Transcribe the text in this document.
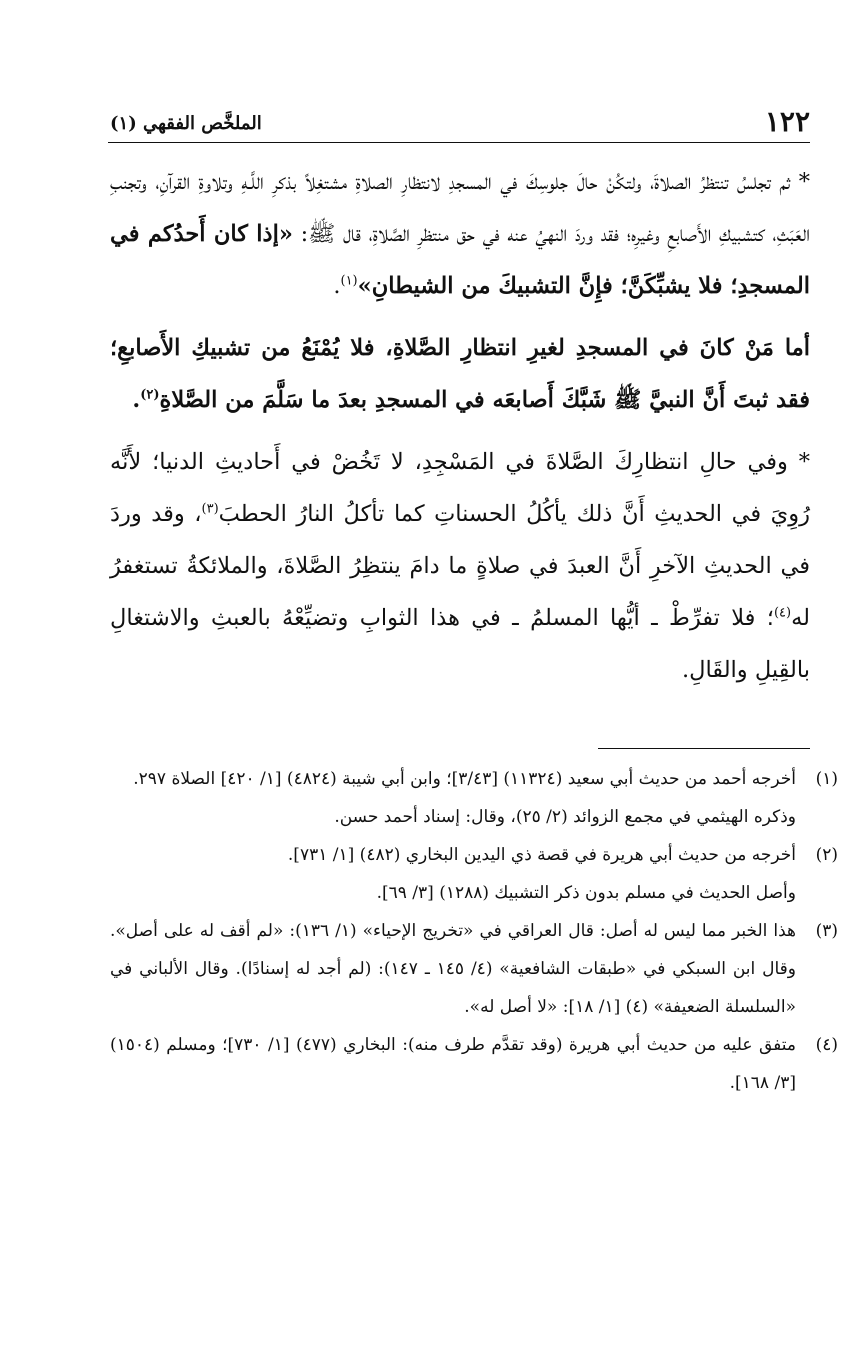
١٢٢
الملخَّص الفقهي (١)

* ثم تجلسُ تنتظرُ الصلاةَ، ولتكُنْ حالَ جلوسِكَ في المسجدِ لانتظارِ الصلاةِ مشتغِلاً بذكرِ اللَّـهِ وتلاوةِ القرآنِ، وتجنبِ العَبَثِ، كتشبيكِ الأَصابعِ وغيرِه؛ فقد وردَ النهيُ عنه في حق منتظرِ الصَّلاةِ، قال ﷺ: «إذا كان أَحدُكم في المسجدِ؛ فلا يشبِّكَنَّ؛ فإِنَّ التشبيكَ من الشيطانِ»$^{(١)}$.

أما مَنْ كانَ في المسجدِ لغيرِ انتظارِ الصَّلاةِ، فلا يُمْنَعُ من تشبيكِ الأَصابعِ؛ فقد ثبتَ أَنَّ النبيَّ ﷺ شَبَّكَ أَصابعَه في المسجدِ بعدَ ما سَلَّمَ من الصَّلاةِ$^{(٢)}$.

* وفي حالِ انتظارِكَ الصَّلاةَ في المَسْجِدِ، لا تَخُضْ في أَحاديثِ الدنيا؛ لأَنَّه رُوِيَ في الحديثِ أَنَّ ذلك يأكُلُ الحسناتِ كما تأكلُ النارُ الحطبَ$^{(٣)}$، وقد وردَ في الحديثِ الآخرِ أَنَّ العبدَ في صلاةٍ ما دامَ ينتظِرُ الصَّلاةَ، والملائكةُ تستغفرُ له$^{(٤)}$؛ فلا تفرِّطْ ـ أيُّها المسلمُ ـ في هذا الثوابِ وتضيِّعْهُ بالعبثِ والاشتغالِ بالقِيلِ والقَالِ.

(١)

أخرجه أحمد من حديث أبي سعيد (١١٣٢٤) [٣/٤٣]؛ وابن أبي شيبة (٤٨٢٤) [١/ ٤٢٠] الصلاة ٢٩٧.

وذكره الهيثمي في مجمع الزوائد (٢/ ٢٥)، وقال: إسناد أحمد حسن.

(٢)

أخرجه من حديث أبي هريرة في قصة ذي اليدين البخاري (٤٨٢) [١/ ٧٣١].

وأصل الحديث في مسلم بدون ذكر التشبيك (١٢٨٨) [٣/ ٦٩].

(٣)

هذا الخبر مما ليس له أصل: قال العراقي في «تخريج الإحياء» (١/ ١٣٦): «لم أقف له على أصل». وقال ابن السبكي في «طبقات الشافعية» (٤/ ١٤٥ ـ ١٤٧): (لم أجد له إسنادًا). وقال الألباني في «السلسلة الضعيفة» (٤) [١/ ١٨]: «لا أصل له».

(٤)

متفق عليه من حديث أبي هريرة (وقد تقدَّم طرف منه): البخاري (٤٧٧) [١/ ٧٣٠]؛ ومسلم (١٥٠٤) [٣/ ١٦٨].
